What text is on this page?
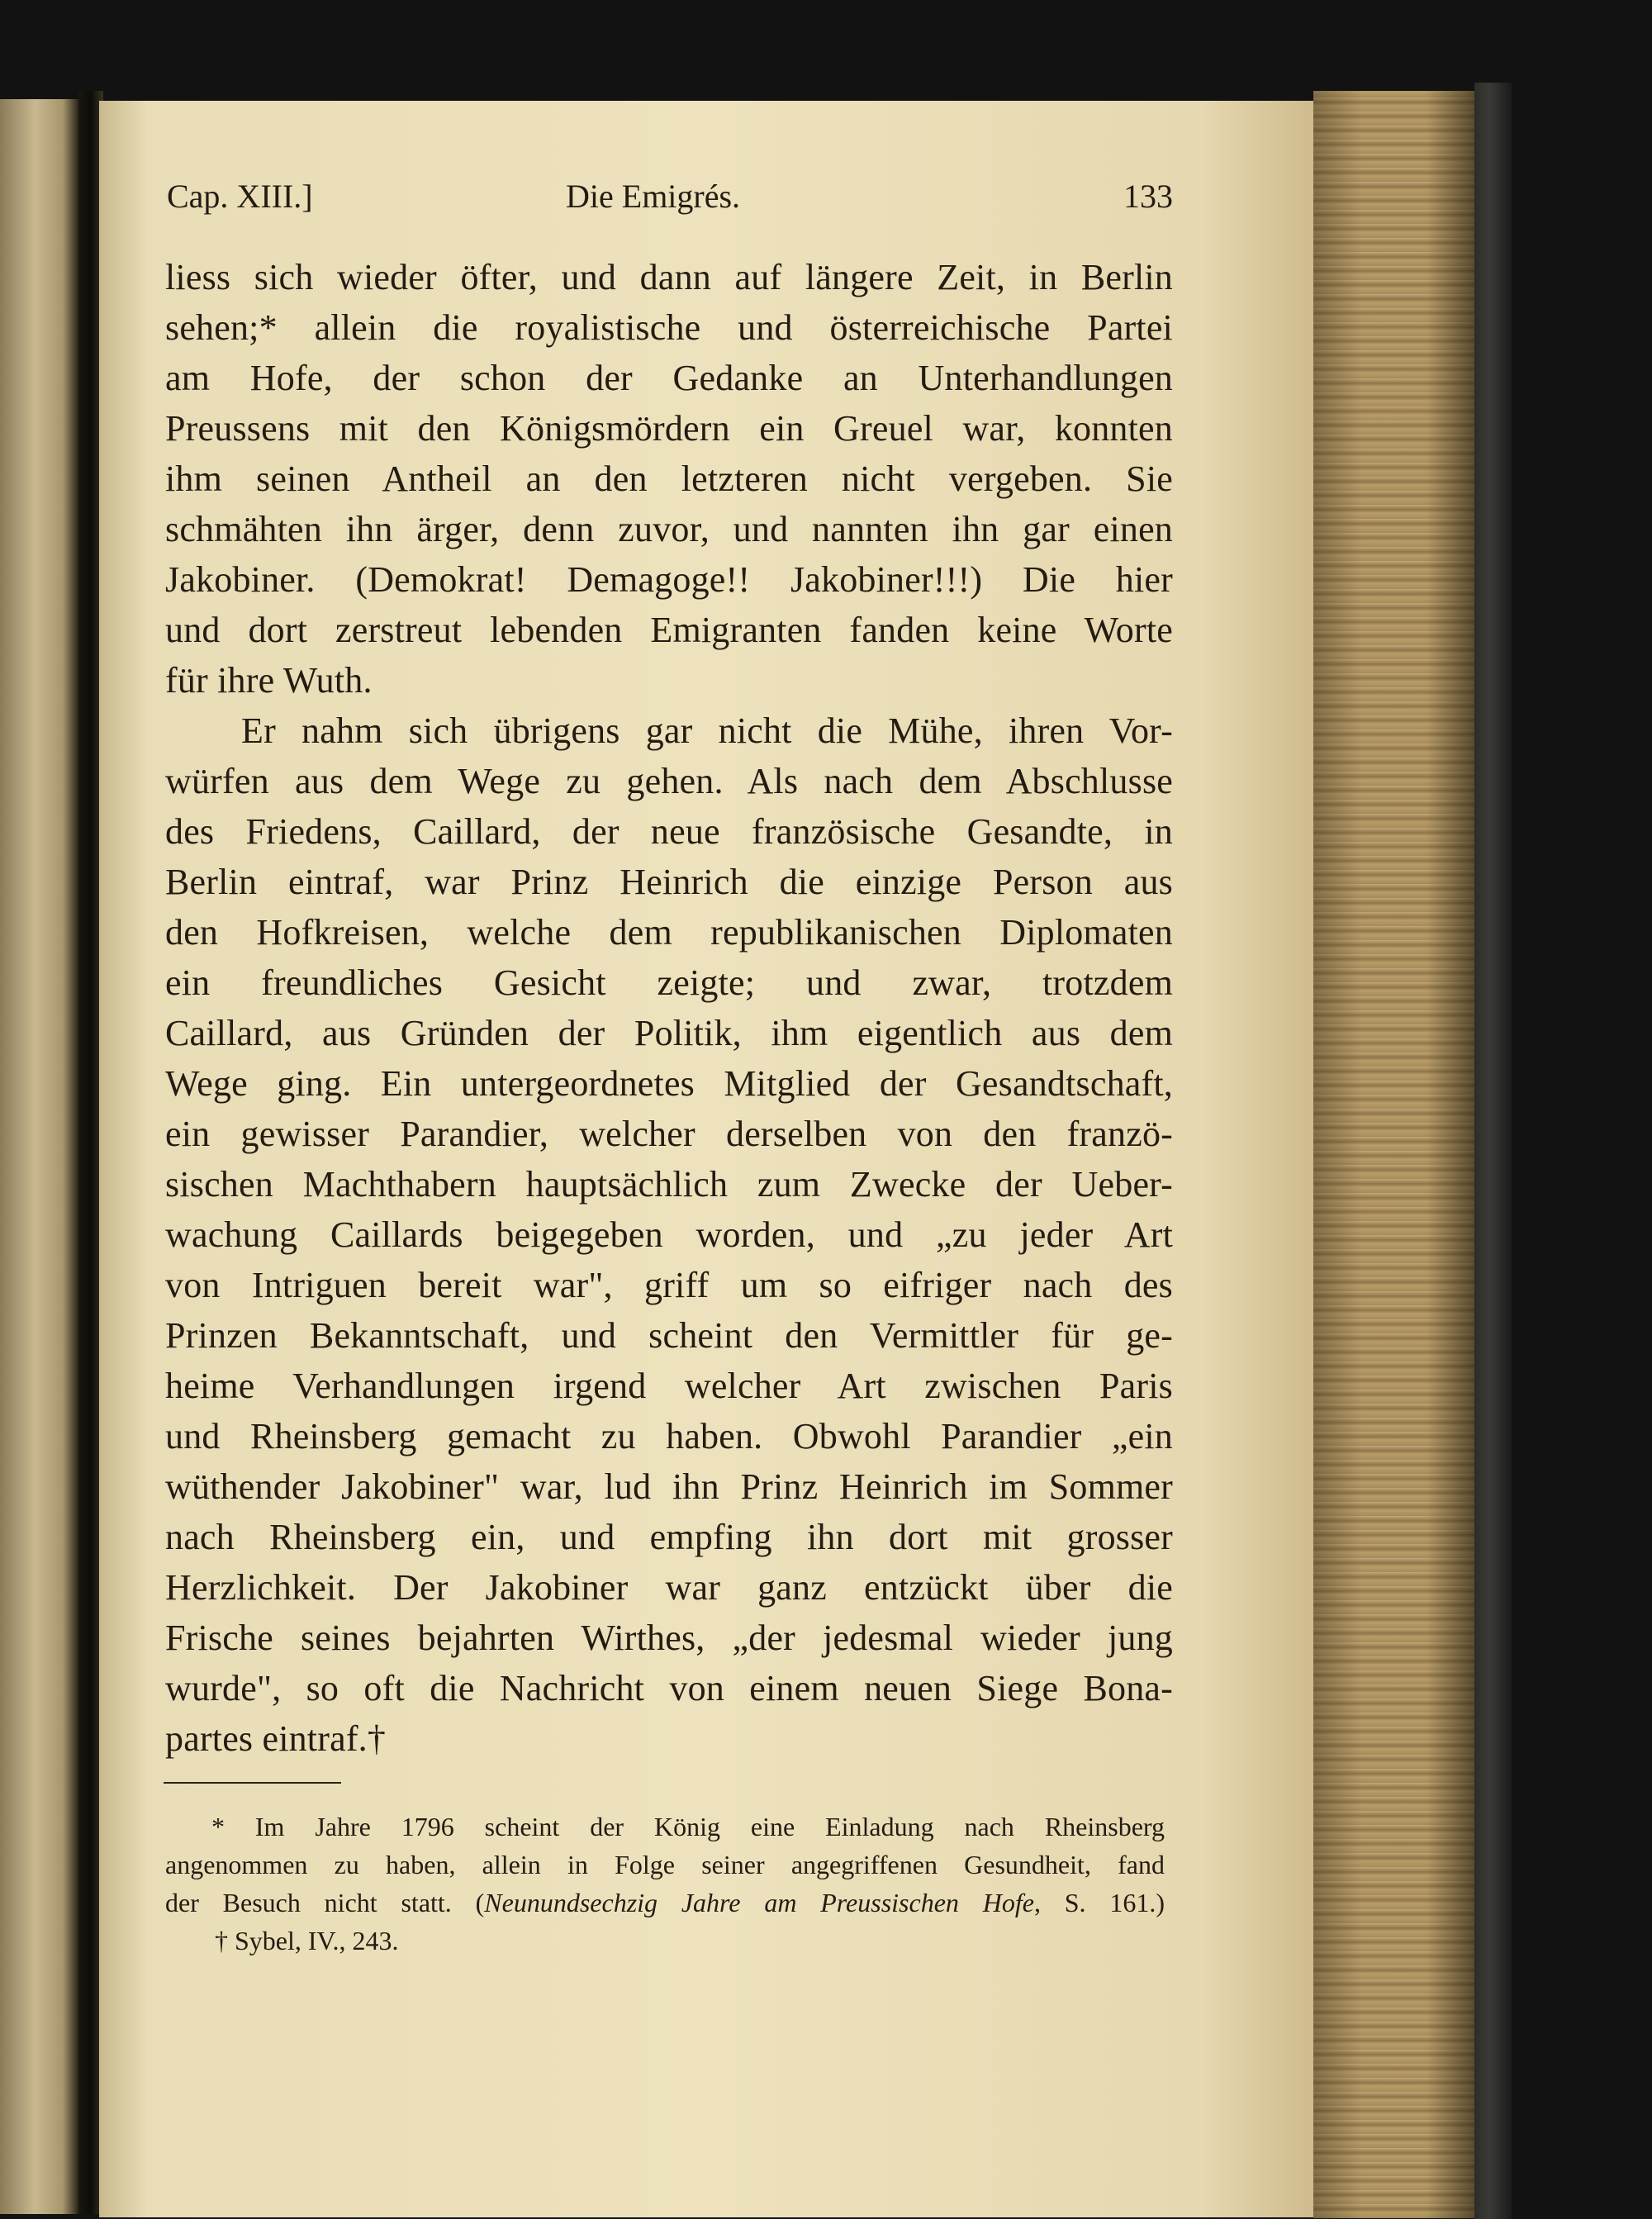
Cap. XIII.]	Die Emigrés.	133
liess sich wieder öfter, und dann auf längere Zeit, in Berlin
sehen;* allein die royalistische und österreichische Partei
am Hofe, der schon der Gedanke an Unterhandlungen
Preussens mit den Königsmördern ein Greuel war, konnten
ihm seinen Antheil an den letzteren nicht vergeben. Sie
schmähten ihn ärger, denn zuvor, und nannten ihn gar einen
Jakobiner. (Demokrat! Demagoge!! Jakobiner!!!) Die hier
und dort zerstreut lebenden Emigranten fanden keine Worte
für ihre Wuth.
Er nahm sich übrigens gar nicht die Mühe, ihren Vor-
würfen aus dem Wege zu gehen. Als nach dem Abschlusse
des Friedens, Caillard, der neue französische Gesandte, in
Berlin eintraf, war Prinz Heinrich die einzige Person aus
den Hofkreisen, welche dem republikanischen Diplomaten
ein freundliches Gesicht zeigte; und zwar, trotzdem
Caillard, aus Gründen der Politik, ihm eigentlich aus dem
Wege ging. Ein untergeordnetes Mitglied der Gesandtschaft,
ein gewisser Parandier, welcher derselben von den franzö-
sischen Machthabern hauptsächlich zum Zwecke der Ueber-
wachung Caillards beigegeben worden, und „zu jeder Art
von Intriguen bereit war", griff um so eifriger nach des
Prinzen Bekanntschaft, und scheint den Vermittler für ge-
heime Verhandlungen irgend welcher Art zwischen Paris
und Rheinsberg gemacht zu haben. Obwohl Parandier „ein
wüthender Jakobiner" war, lud ihn Prinz Heinrich im Sommer
nach Rheinsberg ein, und empfing ihn dort mit grosser
Herzlichkeit. Der Jakobiner war ganz entzückt über die
Frische seines bejahrten Wirthes, „der jedesmal wieder jung
wurde", so oft die Nachricht von einem neuen Siege Bona-
partes eintraf.†
* Im Jahre 1796 scheint der König eine Einladung nach Rheinsberg
angenommen zu haben, allein in Folge seiner angegriffenen Gesundheit, fand
der Besuch nicht statt. (Neunundsechzig Jahre am Preussischen Hofe, S. 161.)
† Sybel, IV., 243.
